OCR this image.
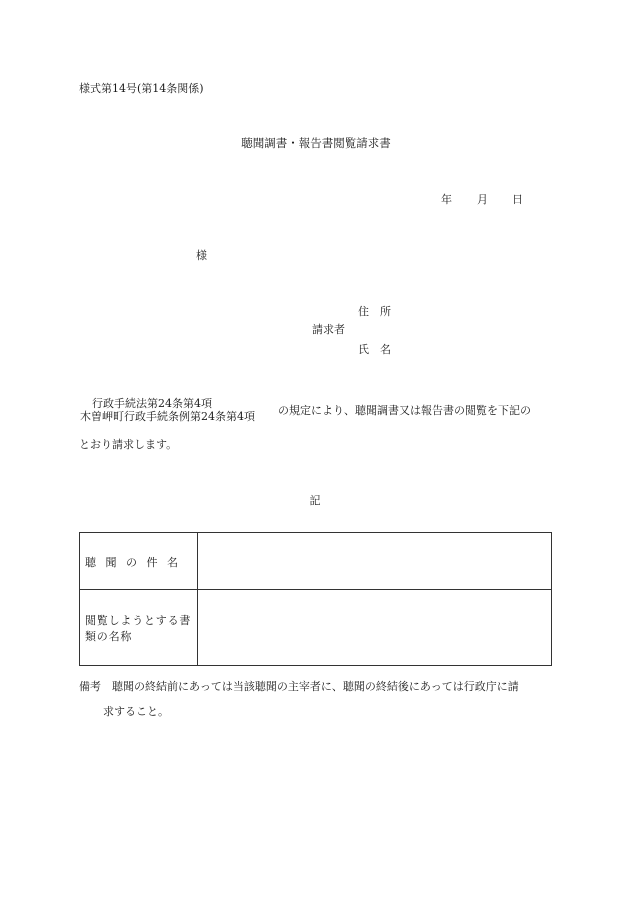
様式第14号(第14条関係)
聴聞調書・報告書閲覧請求書
年 月 日
様
住　所
請求者
氏　名
行政手続法第24条第4項
木曽岬町行政手続条例第24条第4項 の規定により、聴聞調書又は報告書の閲覧を下記の
とおり請求します。
記
聴聞の件名
閲覧しようとする書類の名称
備考　聴聞の終結前にあっては当該聴聞の主宰者に、聴聞の終結後にあっては行政庁に請
求すること。
